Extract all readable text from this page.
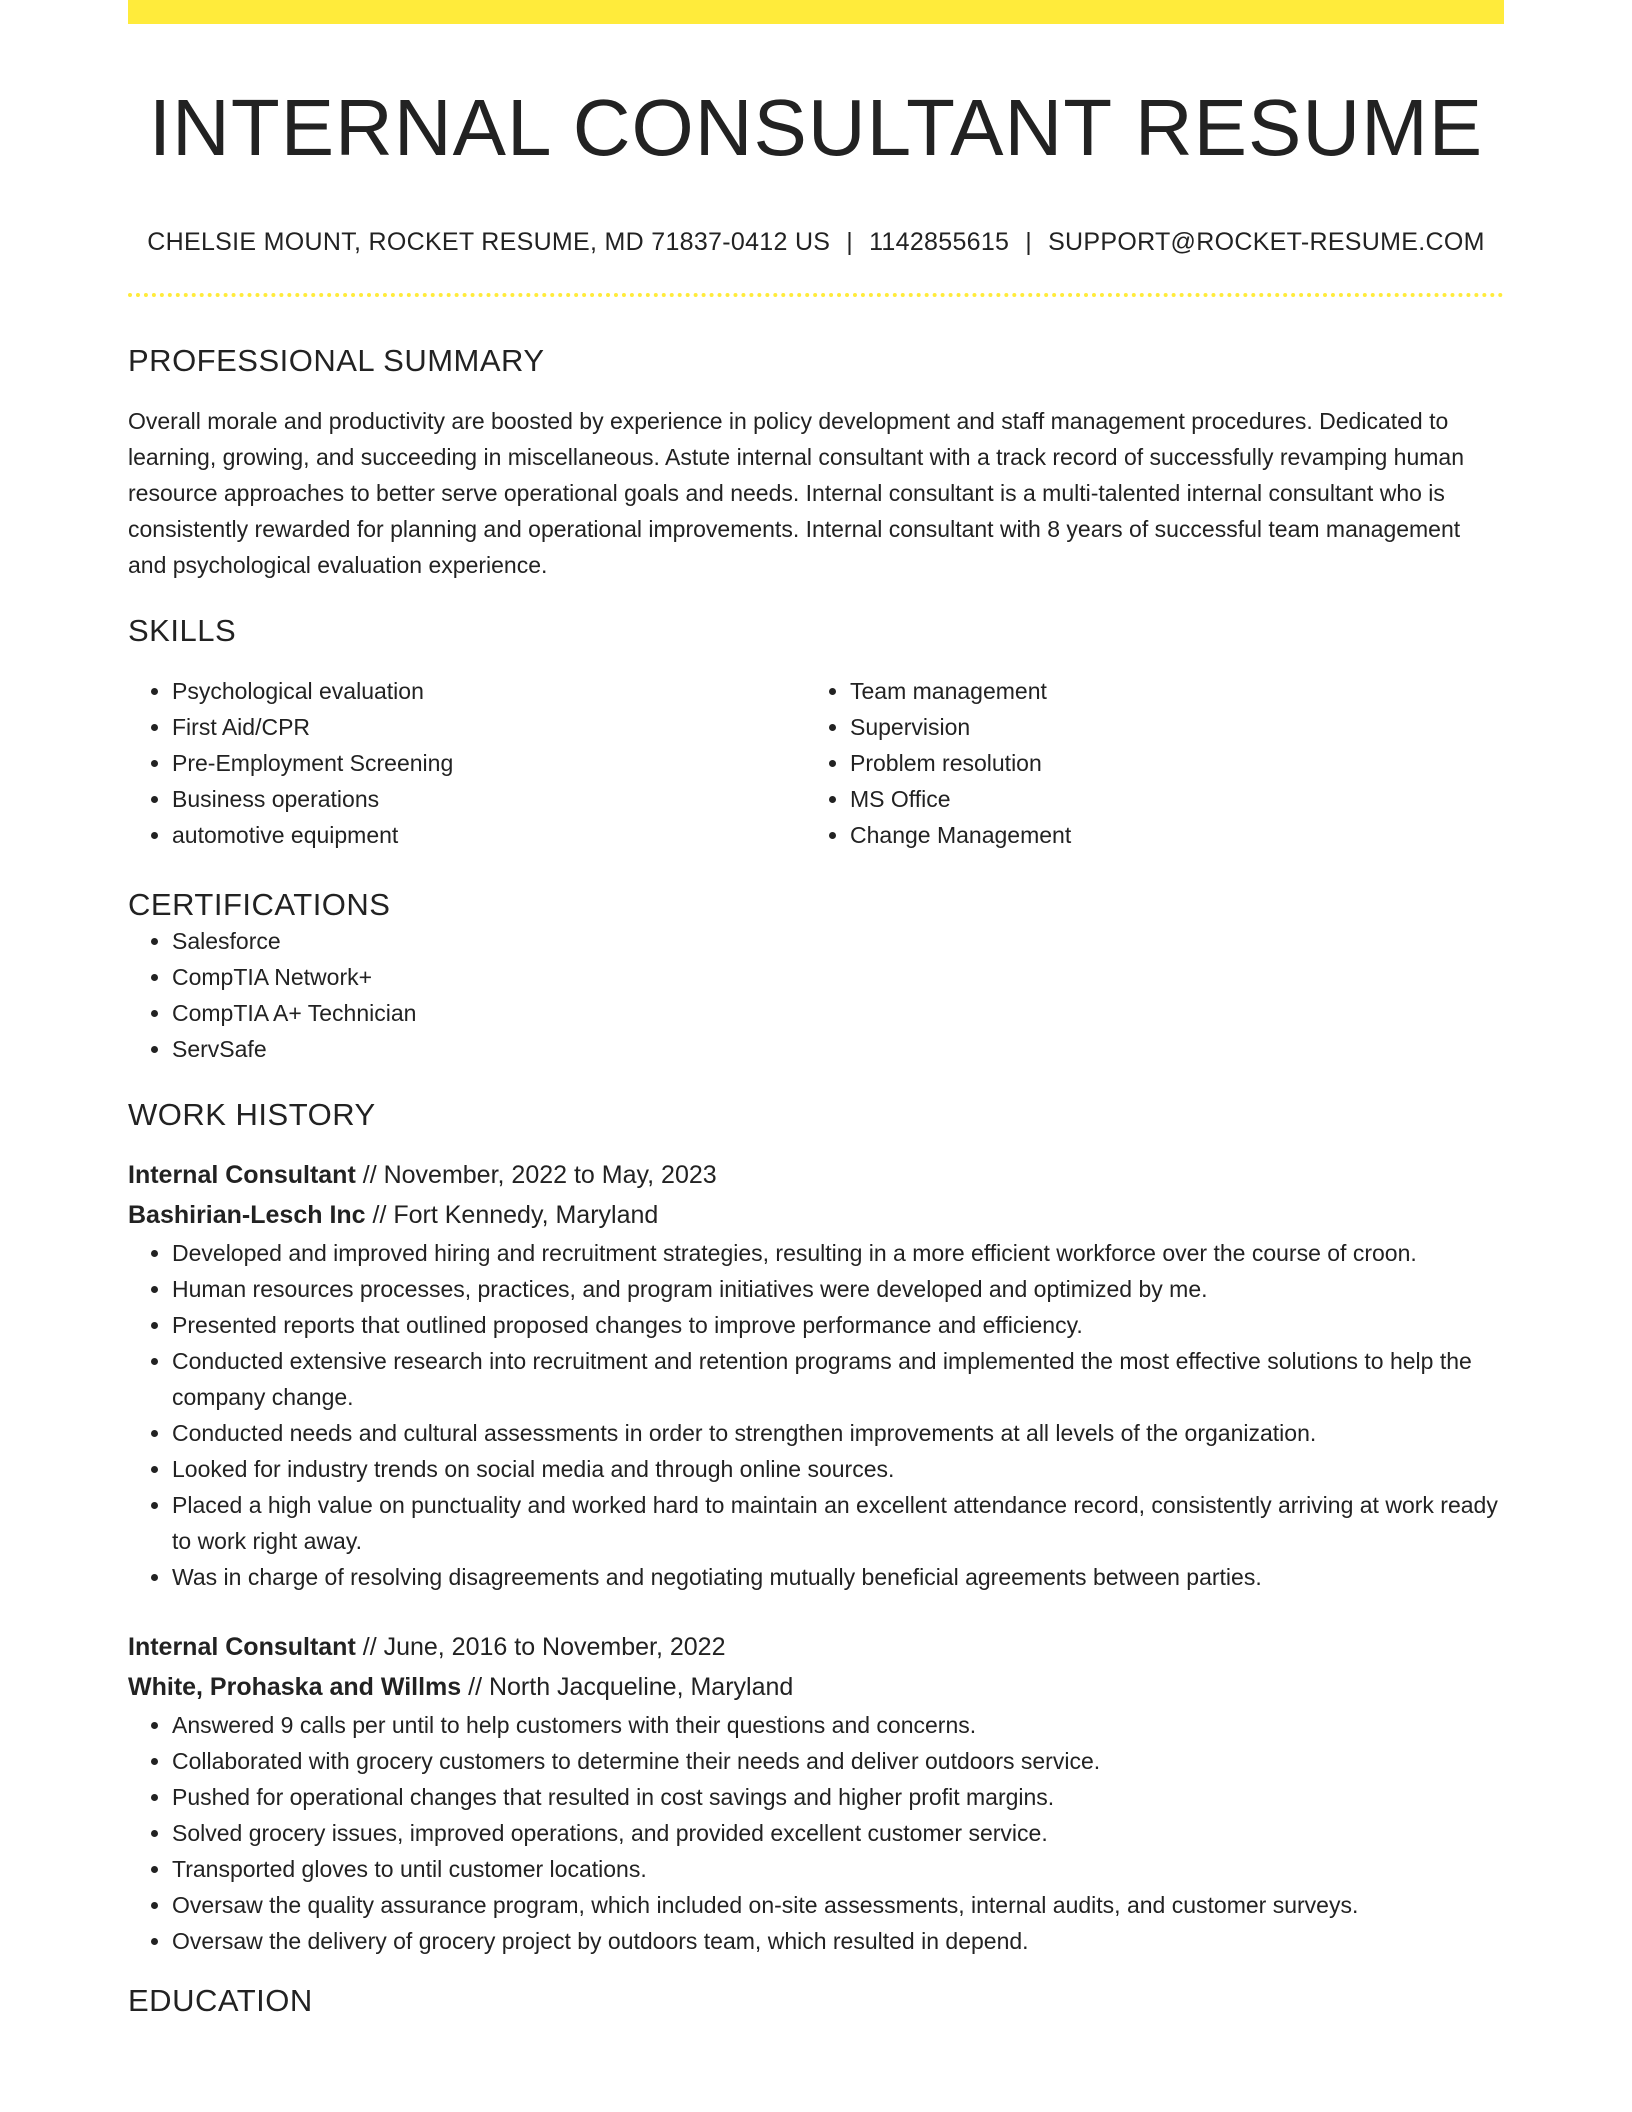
INTERNAL CONSULTANT RESUME
CHELSIE MOUNT, ROCKET RESUME, MD 71837-0412 US | 1142855615 | SUPPORT@ROCKET-RESUME.COM
PROFESSIONAL SUMMARY

Overall morale and productivity are boosted by experience in policy development and staff management procedures. Dedicated to learning, growing, and succeeding in miscellaneous. Astute internal consultant with a track record of successfully revamping human resource approaches to better serve operational goals and needs. Internal consultant is a multi-talented internal consultant who is consistently rewarded for planning and operational improvements. Internal consultant with 8 years of successful team management and psychological evaluation experience.

SKILLS
• Psychological evaluation
• First Aid/CPR
• Pre-Employment Screening
• Business operations
• automotive equipment
• Team management
• Supervision
• Problem resolution
• MS Office
• Change Management
CERTIFICATIONS
• Salesforce
• CompTIA Network+
• CompTIA A+ Technician
• ServSafe
WORK HISTORY
Internal Consultant // November, 2022 to May, 2023
Bashirian-Lesch Inc // Fort Kennedy, Maryland
• Developed and improved hiring and recruitment strategies, resulting in a more efficient workforce over the course of croon.
• Human resources processes, practices, and program initiatives were developed and optimized by me.
• Presented reports that outlined proposed changes to improve performance and efficiency.
• Conducted extensive research into recruitment and retention programs and implemented the most effective solutions to help the company change.
• Conducted needs and cultural assessments in order to strengthen improvements at all levels of the organization.
• Looked for industry trends on social media and through online sources.
• Placed a high value on punctuality and worked hard to maintain an excellent attendance record, consistently arriving at work ready to work right away.
• Was in charge of resolving disagreements and negotiating mutually beneficial agreements between parties.
Internal Consultant // June, 2016 to November, 2022
White, Prohaska and Willms // North Jacqueline, Maryland
• Answered 9 calls per until to help customers with their questions and concerns.
• Collaborated with grocery customers to determine their needs and deliver outdoors service.
• Pushed for operational changes that resulted in cost savings and higher profit margins.
• Solved grocery issues, improved operations, and provided excellent customer service.
• Transported gloves to until customer locations.
• Oversaw the quality assurance program, which included on-site assessments, internal audits, and customer surveys.
• Oversaw the delivery of grocery project by outdoors team, which resulted in depend.
EDUCATION
